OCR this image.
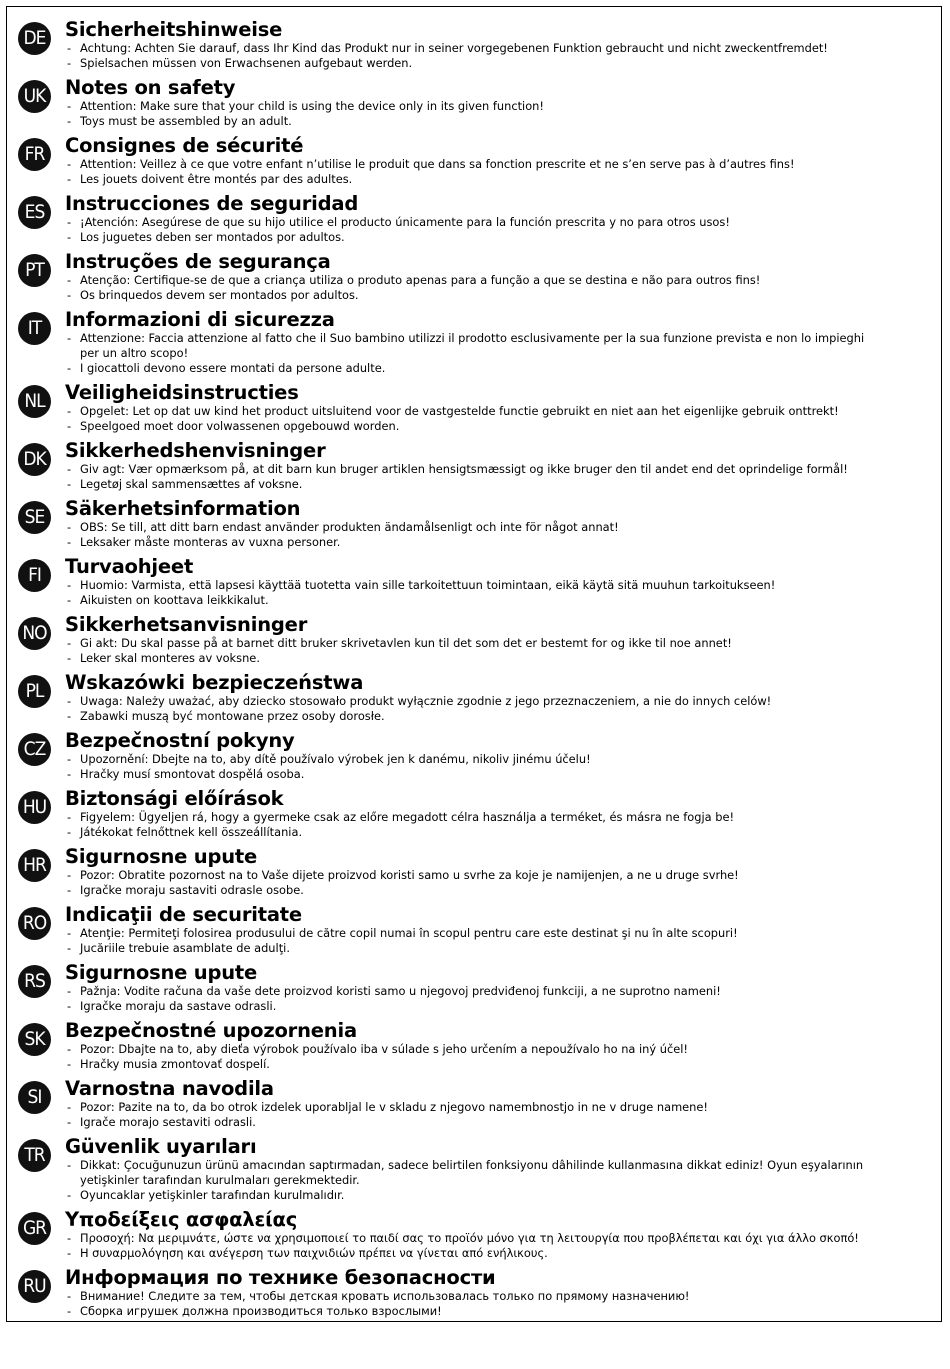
DE Sicherheitshinweise
- Achtung: Achten Sie darauf, dass Ihr Kind das Produkt nur in seiner vorgegebenen Funktion gebraucht und nicht zweckentfremdet!
- Spielsachen müssen von Erwachsenen aufgebaut werden.
UK Notes on safety
- Attention: Make sure that your child is using the device only in its given function!
- Toys must be assembled by an adult.
FR	Consignes de sécurité
- Attention: Veillez à ce que votre enfant n’utilise le produit que dans sa fonction prescrite et ne s’en serve pas à d’autres fins!
- Les jouets doivent être montés par des adultes.
ES	Instrucciones de seguridad
- ¡Atención: Asegúrese de que su hijo utilice el producto únicamente para la función prescrita y no para otros usos!
- Los juguetes deben ser montados por adultos.
PT	Instruções de segurança
- Atenção: Certifique-se de que a criança utiliza o produto apenas para a função a que se destina e não para outros fins!
- Os brinquedos devem ser montados por adultos.
IT	Informazioni di sicurezza
- Attenzione: Faccia attenzione al fatto che il Suo bambino utilizzi il prodotto esclusivamente per la sua funzione prevista e non lo impieghi per un altro scopo!
- I giocattoli devono essere montati da persone adulte.
NL	Veiligheidsinstructies
- Opgelet: Let op dat uw kind het product uitsluitend voor de vastgestelde functie gebruikt en niet aan het eigenlijke gebruik onttrekt!
- Speelgoed moet door volwassenen opgebouwd worden.
DK Sikkerhedshenvisninger
- Giv agt: Vær opmærksom på, at dit barn kun bruger artiklen hensigtsmæssigt og ikke bruger den til andet end det oprindelige formål!
- Legetøj skal sammensættes af voksne.
SE	Säkerhetsinformation
- OBS: Se till, att ditt barn endast använder produkten ändamålsenligt och inte för något annat!
- Leksaker måste monteras av vuxna personer.
FI	Turvaohjeet
- Huomio: Varmista, että lapsesi käyttää tuotetta vain sille tarkoitettuun toimintaan, eikä käytä sitä muuhun tarkoitukseen!
- Aikuisten on koottava leikkikalut.
NO Sikkerhetsanvisninger
- Gi akt: Du skal passe på at barnet ditt bruker skrivetavlen kun til det som det er bestemt for og ikke til noe annet!
- Leker skal monteres av voksne.
PL	Wskazówki bezpieczeństwa
- Uwaga: Należy uważać, aby dziecko stosowało produkt wyłącznie zgodnie z jego przeznaczeniem, a nie do innych celów!
- Zabawki muszą być montowane przez osoby dorosłe.
CZ Bezpečnostní pokyny
- Upozornění: Dbejte na to, aby dítě používalo výrobek jen k danému, nikoliv jinému účelu!
- Hračky musí smontovat dospělá osoba.
HU Biztonsági előírások
- Figyelem: Ügyeljen rá, hogy a gyermeke csak az előre megadott célra használja a terméket, és másra ne fogja be!
- Játékokat felnőttnek kell összeállítania.
HR Sigurnosne upute
- Pozor: Obratite pozornost na to Vaše dijete proizvod koristi samo u svrhe za koje je namijenjen, a ne u druge svrhe!
- Igračke moraju sastaviti odrasle osobe.
RO Indicaţii de securitate
- Atenţie: Permiteţi folosirea produsului de către copil numai în scopul pentru care este destinat şi nu în alte scopuri!
- Jucăriile trebuie asamblate de adulţi.
RS	Sigurnosne upute
- Pažnja: Vodite računa da vaše dete proizvod koristi samo u njegovoj predviđenoj funkciji, a ne suprotno nameni!
- Igračke moraju da sastave odrasli.
SK	Bezpečnostné upozornenia
- Pozor: Dbajte na to, aby dieťa výrobok používalo iba v súlade s jeho určením a nepoužívalo ho na iný účel!
- Hračky musia zmontovať dospelí.
SI	Varnostna navodila
- Pozor: Pazite na to, da bo otrok izdelek uporabljal le v skladu z njegovo namembnostjo in ne v druge namene!
- Igrače morajo sestaviti odrasli.
TR	Güvenlik uyarıları
- Dikkat: Çocuğunuzun ürünü amacından saptırmadan, sadece belirtilen fonksiyonu dâhilinde kullanmasına dikkat ediniz! Oyun eşyalarının yetişkinler tarafından kurulmaları gerekmektedir.
- Oyuncaklar yetişkinler tarafından kurulmalıdır.
GR Υποδείξεις ασφαλείας
- Προσοχή: Να μεριμνάτε, ώστε να χρησιμοποιεί το παιδί σας το προϊόν μόνο για τη λειτουργία που προβλέπεται και όχι για άλλο σκοπό!
- Η συναρμολόγηση και ανέγερση των παιχνιδιών πρέπει να γίνεται από ενήλικους.
RU Информация по технике безопасности
- Внимание! Следите за тем, чтобы детская кровать использовалась только по прямому назначению!
- Сборка игрушек должна производиться только взрослыми!
